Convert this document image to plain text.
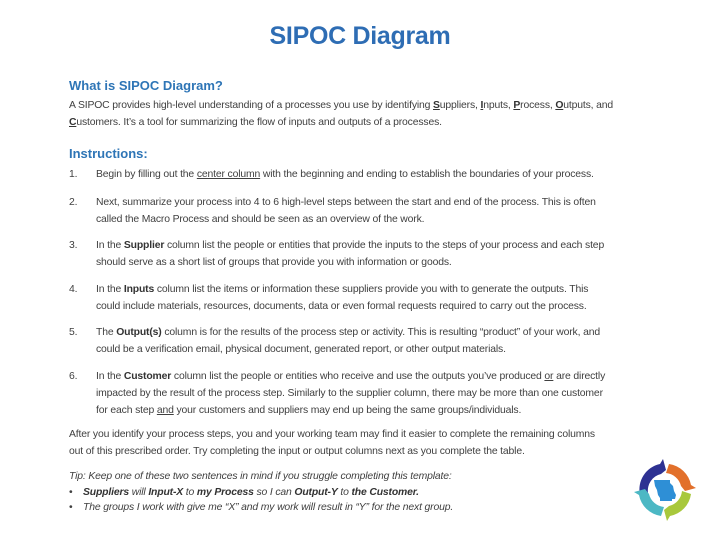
SIPOC Diagram
What is SIPOC Diagram?
A SIPOC provides high-level understanding of a processes you use by identifying Suppliers, Inputs, Process, Outputs, and
Customers. It’s a tool for summarizing the flow of inputs and outputs of a processes.
Instructions:
1.	Begin by filling out the center column with the beginning and ending to establish the boundaries of your process.
2.	Next, summarize your process into 4 to 6 high-level steps between the start and end of the process. This is often
called the Macro Process and should be seen as an overview of the work.
3.	In the Supplier column list the people or entities that provide the inputs to the steps of your process and each step
should serve as a short list of groups that provide you with information or goods.
4.	In the Inputs column list the items or information these suppliers provide you with to generate the outputs. This
could include materials, resources, documents, data or even formal requests required to carry out the process.
5.	The Output(s) column is for the results of the process step or activity. This is resulting “product” of your work, and
could be a verification email, physical document, generated report, or other output materials.
6.	In the Customer column list the people or entities who receive and use the outputs you’ve produced or are directly
impacted by the result of the process step. Similarly to the supplier column, there may be more than one customer
for each step and your customers and suppliers may end up being the same groups/individuals.
After you identify your process steps, you and your working team may find it easier to complete the remaining columns
out of this prescribed order. Try completing the input or output columns next as you complete the table.
Tip: Keep one of these two sentences in mind if you struggle completing this template:
• Suppliers will Input-X to my Process so I can Output-Y to the Customer.
• The groups I work with give me “X” and my work will result in “Y” for the next group.
